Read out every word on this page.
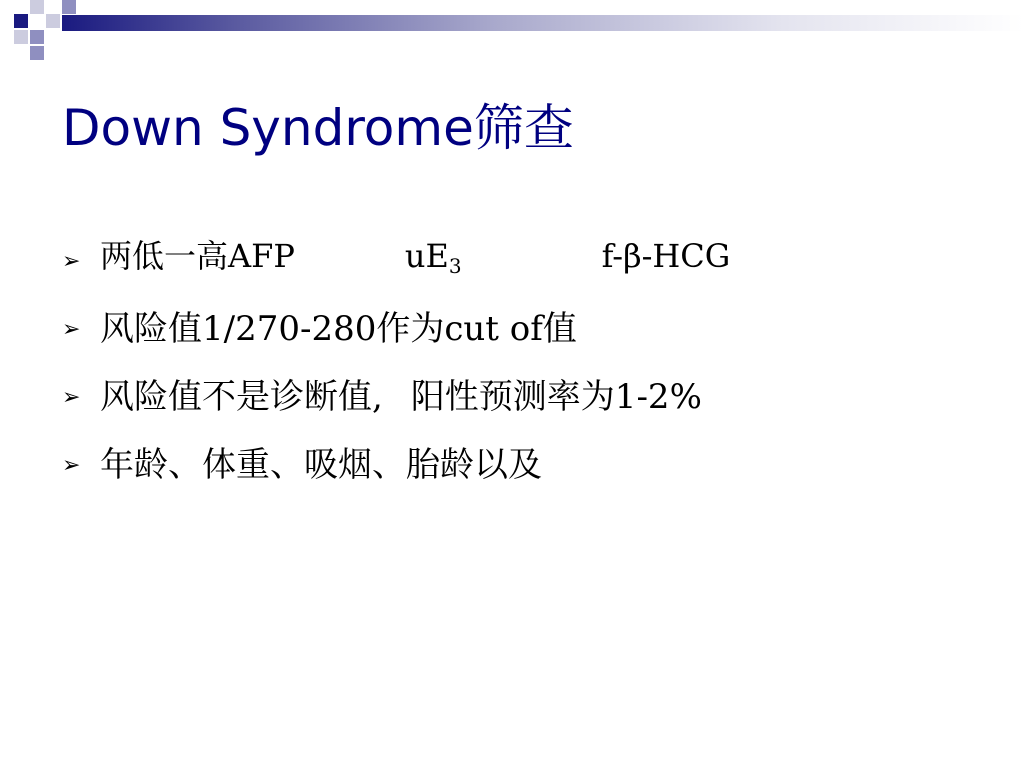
Down Syndrome筛查
➢ 两低一高AFP	$uE_3$	f-β-HCG
➢ 风险值1/270-280作为cut of值
➢ 风险值不是诊断值, 阳性预测率为1-2%
➢ 年龄、体重、吸烟、胎龄以及
